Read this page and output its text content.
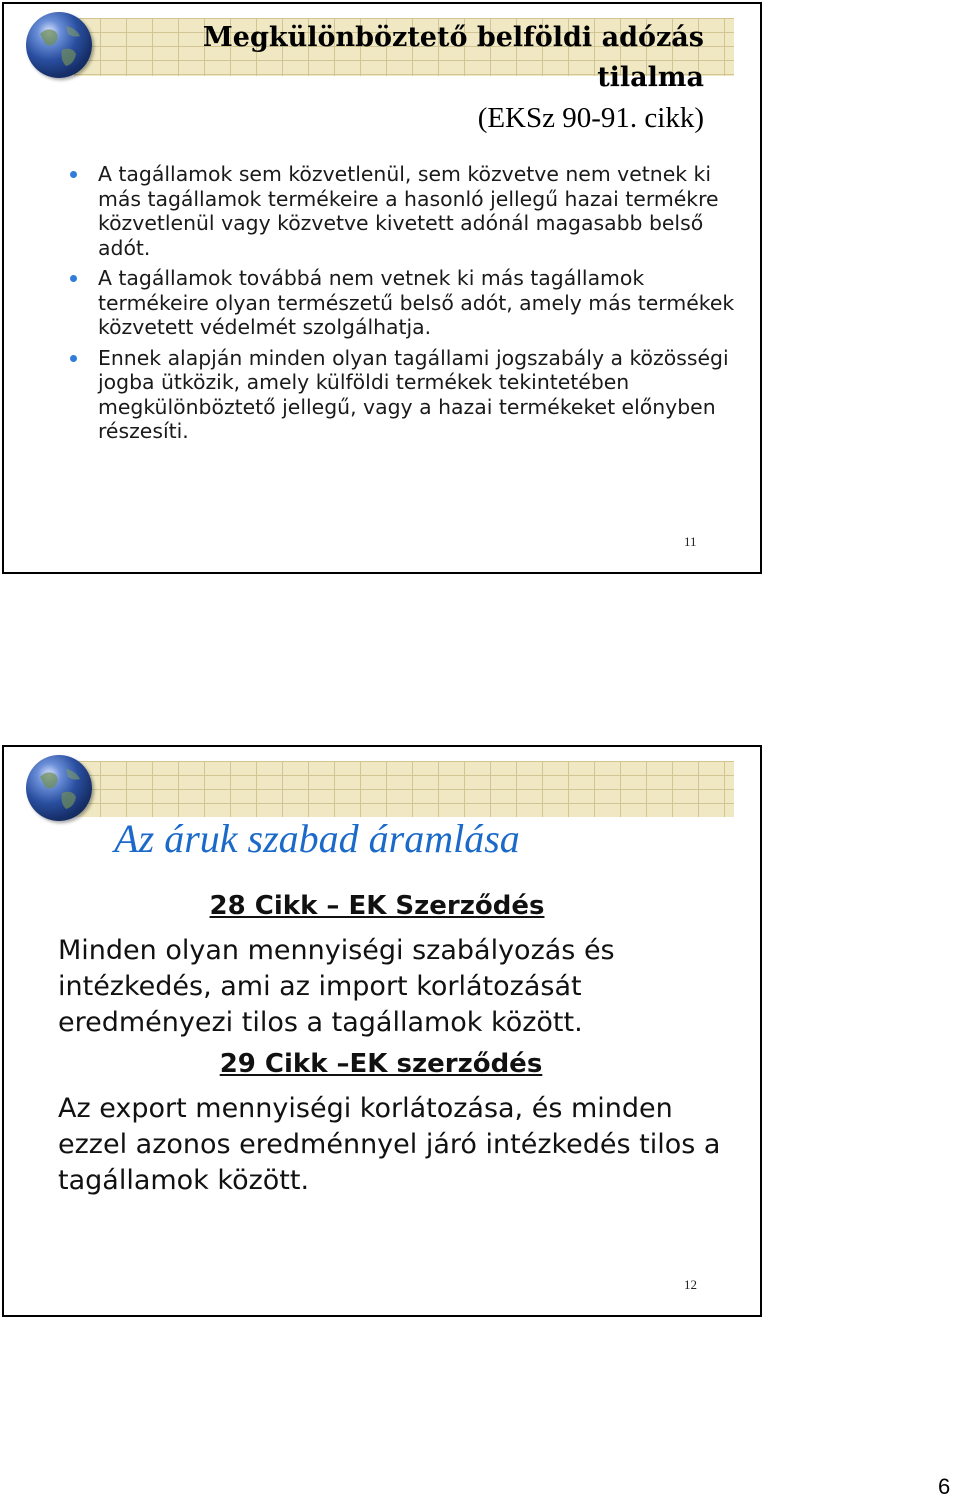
Megkülönböztető belföldi adózás tilalma
(EKSz 90-91. cikk)
A tagállamok sem közvetlenül, sem közvetve nem vetnek ki más tagállamok termékeire a hasonló jellegű hazai termékre közvetlenül vagy közvetve kivetett adónál magasabb belső adót.
A tagállamok továbbá nem vetnek ki más tagállamok termékeire olyan természetű belső adót, amely más termékek közvetett védelmét szolgálhatja.
Ennek alapján minden olyan tagállami jogszabály a közösségi jogba ütközik, amely külföldi termékek tekintetében megkülönböztető jellegű, vagy a hazai termékeket előnyben részesíti.
11
Az áruk szabad áramlása
28 Cikk – EK Szerződés
Minden olyan mennyiségi szabályozás és intézkedés, ami az import korlátozását eredményezi tilos a tagállamok között.
29 Cikk –EK szerződés
Az export mennyiségi korlátozása, és minden ezzel azonos eredménnyel járó intézkedés tilos a tagállamok között.
12
6
